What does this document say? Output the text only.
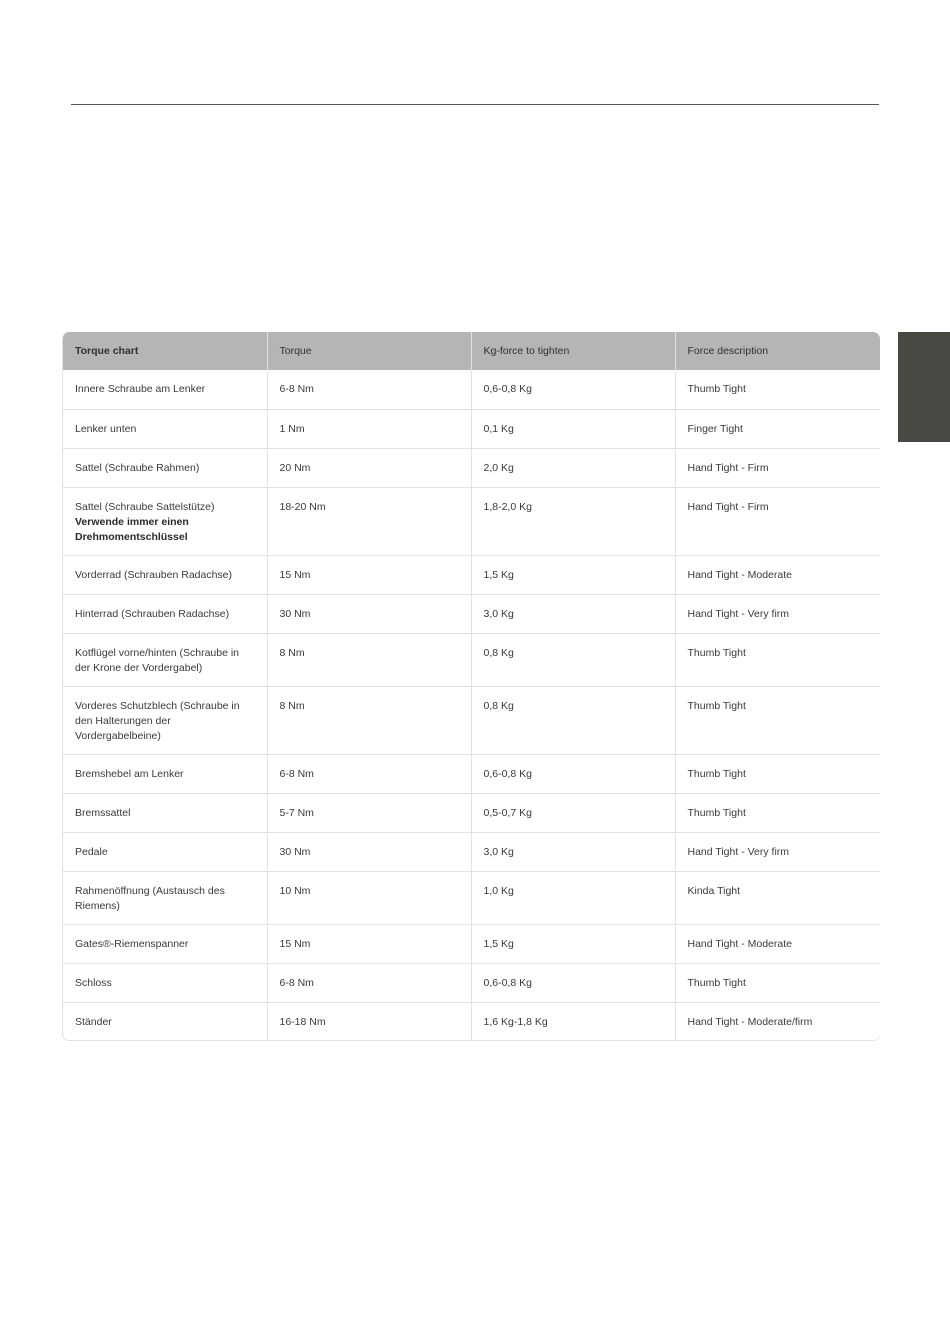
Torque chart	Torque	Kg-force to tighten	Force description
Innere Schraube am Lenker	6-8 Nm	0,6-0,8 Kg	Thumb Tight
Lenker unten	1 Nm	0,1 Kg	Finger Tight
Sattel (Schraube Rahmen)	20 Nm	2,0 Kg	Hand Tight - Firm
Sattel (Schraube Sattelstütze)
Verwende immer einen Drehmomentschlüssel	18-20 Nm	1,8-2,0 Kg	Hand Tight - Firm
Vorderrad (Schrauben Radachse)	15 Nm	1,5 Kg	Hand Tight - Moderate
Hinterrad (Schrauben Radachse)	30 Nm	3,0 Kg	Hand Tight - Very firm
Kotflügel vorne/hinten (Schraube in der Krone der Vordergabel)	8 Nm	0,8 Kg	Thumb Tight
Vorderes Schutzblech (Schraube in den Halterungen der Vordergabelbeine)	8 Nm	0,8 Kg	Thumb Tight
Bremshebel am Lenker	6-8 Nm	0,6-0,8 Kg	Thumb Tight
Bremssattel	5-7 Nm	0,5-0,7 Kg	Thumb Tight
Pedale	30 Nm	3,0 Kg	Hand Tight - Very firm
Rahmenöffnung (Austausch des Riemens)	10 Nm	1,0 Kg	Kinda Tight
Gates®-Riemenspanner	15 Nm	1,5 Kg	Hand Tight - Moderate
Schloss	6-8 Nm	0,6-0,8 Kg	Thumb Tight
Ständer	16-18 Nm	1,6 Kg-1,8 Kg	Hand Tight - Moderate/firm
